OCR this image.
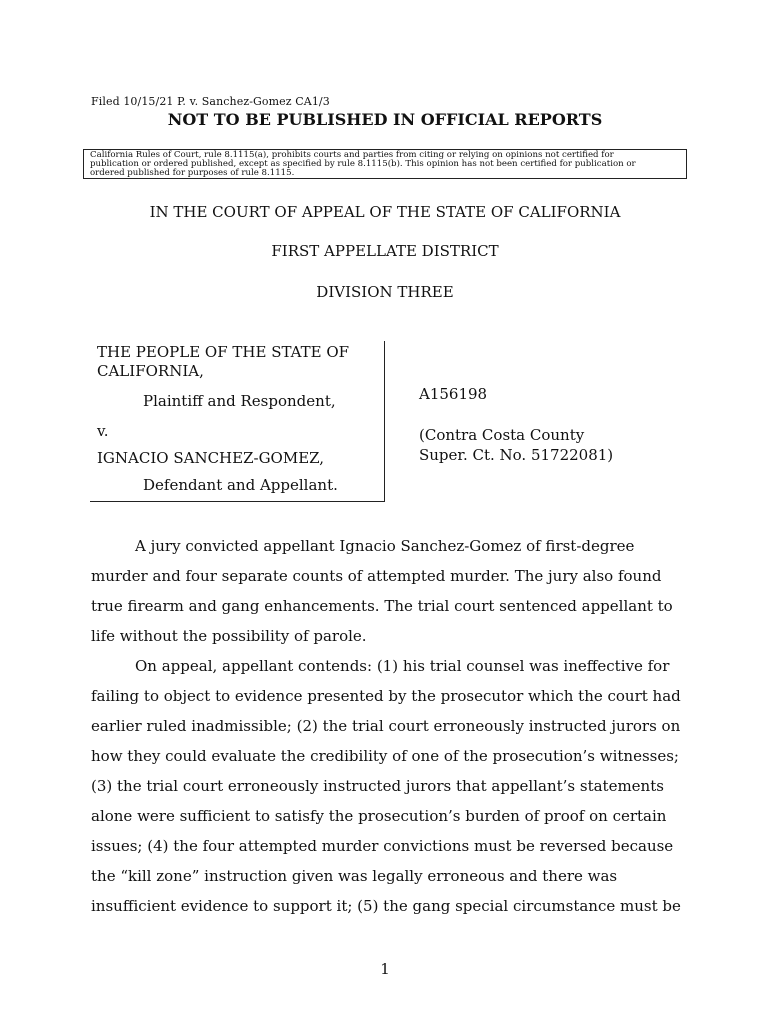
Filed 10/15/21 P. v. Sanchez-Gomez CA1/3
NOT TO BE PUBLISHED IN OFFICIAL REPORTS
California Rules of Court, rule 8.1115(a), prohibits courts and parties from citing or relying on opinions not certified for
publication or ordered published, except as specified by rule 8.1115(b). This opinion has not been certified for publication or
ordered published for purposes of rule 8.1115.
IN THE COURT OF APPEAL OF THE STATE OF CALIFORNIA
FIRST APPELLATE DISTRICT
DIVISION THREE
THE PEOPLE OF THE STATE OF CALIFORNIA,
Plaintiff and Respondent,
v.
IGNACIO SANCHEZ-GOMEZ,
Defendant and Appellant.
A156198
(Contra Costa County
Super. Ct. No. 51722081)
A jury convicted appellant Ignacio Sanchez-Gomez of first-degree
murder and four separate counts of attempted murder. The jury also found
true firearm and gang enhancements. The trial court sentenced appellant to
life without the possibility of parole.
On appeal, appellant contends: (1) his trial counsel was ineffective for
failing to object to evidence presented by the prosecutor which the court had
earlier ruled inadmissible; (2) the trial court erroneously instructed jurors on
how they could evaluate the credibility of one of the prosecution’s witnesses;
(3) the trial court erroneously instructed jurors that appellant’s statements
alone were sufficient to satisfy the prosecution’s burden of proof on certain
issues; (4) the four attempted murder convictions must be reversed because
the “kill zone” instruction given was legally erroneous and there was
insufficient evidence to support it; (5) the gang special circumstance must be
1
